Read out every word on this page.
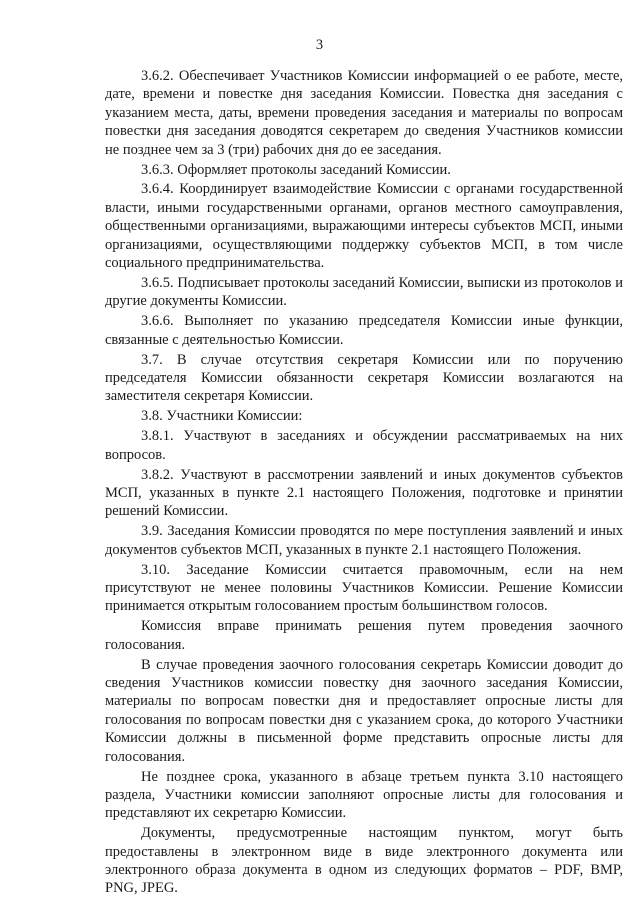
3

3.6.2. Обеспечивает Участников Комиссии информацией о ее работе, месте, дате, времени и повестке дня заседания Комиссии. Повестка дня заседания с указанием места, даты, времени проведения заседания и материалы по вопросам повестки дня заседания доводятся секретарем до сведения Участников комиссии не позднее чем за 3 (три) рабочих дня до ее заседания.

3.6.3. Оформляет протоколы заседаний Комиссии.

3.6.4. Координирует взаимодействие Комиссии с органами государственной власти, иными государственными органами, органов местного самоуправления, общественными организациями, выражающими интересы субъектов МСП, иными организациями, осуществляющими поддержку субъектов МСП, в том числе социального предпринимательства.

3.6.5. Подписывает протоколы заседаний Комиссии, выписки из протоколов и другие документы Комиссии.

3.6.6. Выполняет по указанию председателя Комиссии иные функции, связанные с деятельностью Комиссии.

3.7. В случае отсутствия секретаря Комиссии или по поручению председателя Комиссии обязанности секретаря Комиссии возлагаются на заместителя секретаря Комиссии.

3.8. Участники Комиссии:

3.8.1. Участвуют в заседаниях и обсуждении рассматриваемых на них вопросов.

3.8.2. Участвуют в рассмотрении заявлений и иных документов субъектов МСП, указанных в пункте 2.1 настоящего Положения, подготовке и принятии решений Комиссии.

3.9. Заседания Комиссии проводятся по мере поступления заявлений и иных документов субъектов МСП, указанных в пункте 2.1 настоящего Положения.

3.10. Заседание Комиссии считается правомочным, если на нем присутствуют не менее половины Участников Комиссии. Решение Комиссии принимается открытым голосованием простым большинством голосов.

Комиссия вправе принимать решения путем проведения заочного голосования.

В случае проведения заочного голосования секретарь Комиссии доводит до сведения Участников комиссии повестку дня заочного заседания Комиссии, материалы по вопросам повестки дня и предоставляет опросные листы для голосования по вопросам повестки дня с указанием срока, до которого Участники Комиссии должны в письменной форме представить опросные листы для голосования.

Не позднее срока, указанного в абзаце третьем пункта 3.10 настоящего раздела, Участники комиссии заполняют опросные листы для голосования и представляют их секретарю Комиссии.

Документы, предусмотренные настоящим пунктом, могут быть предоставлены в электронном виде в виде электронного документа или электронного образа документа в одном из следующих форматов – PDF, BMP, PNG, JPEG.
